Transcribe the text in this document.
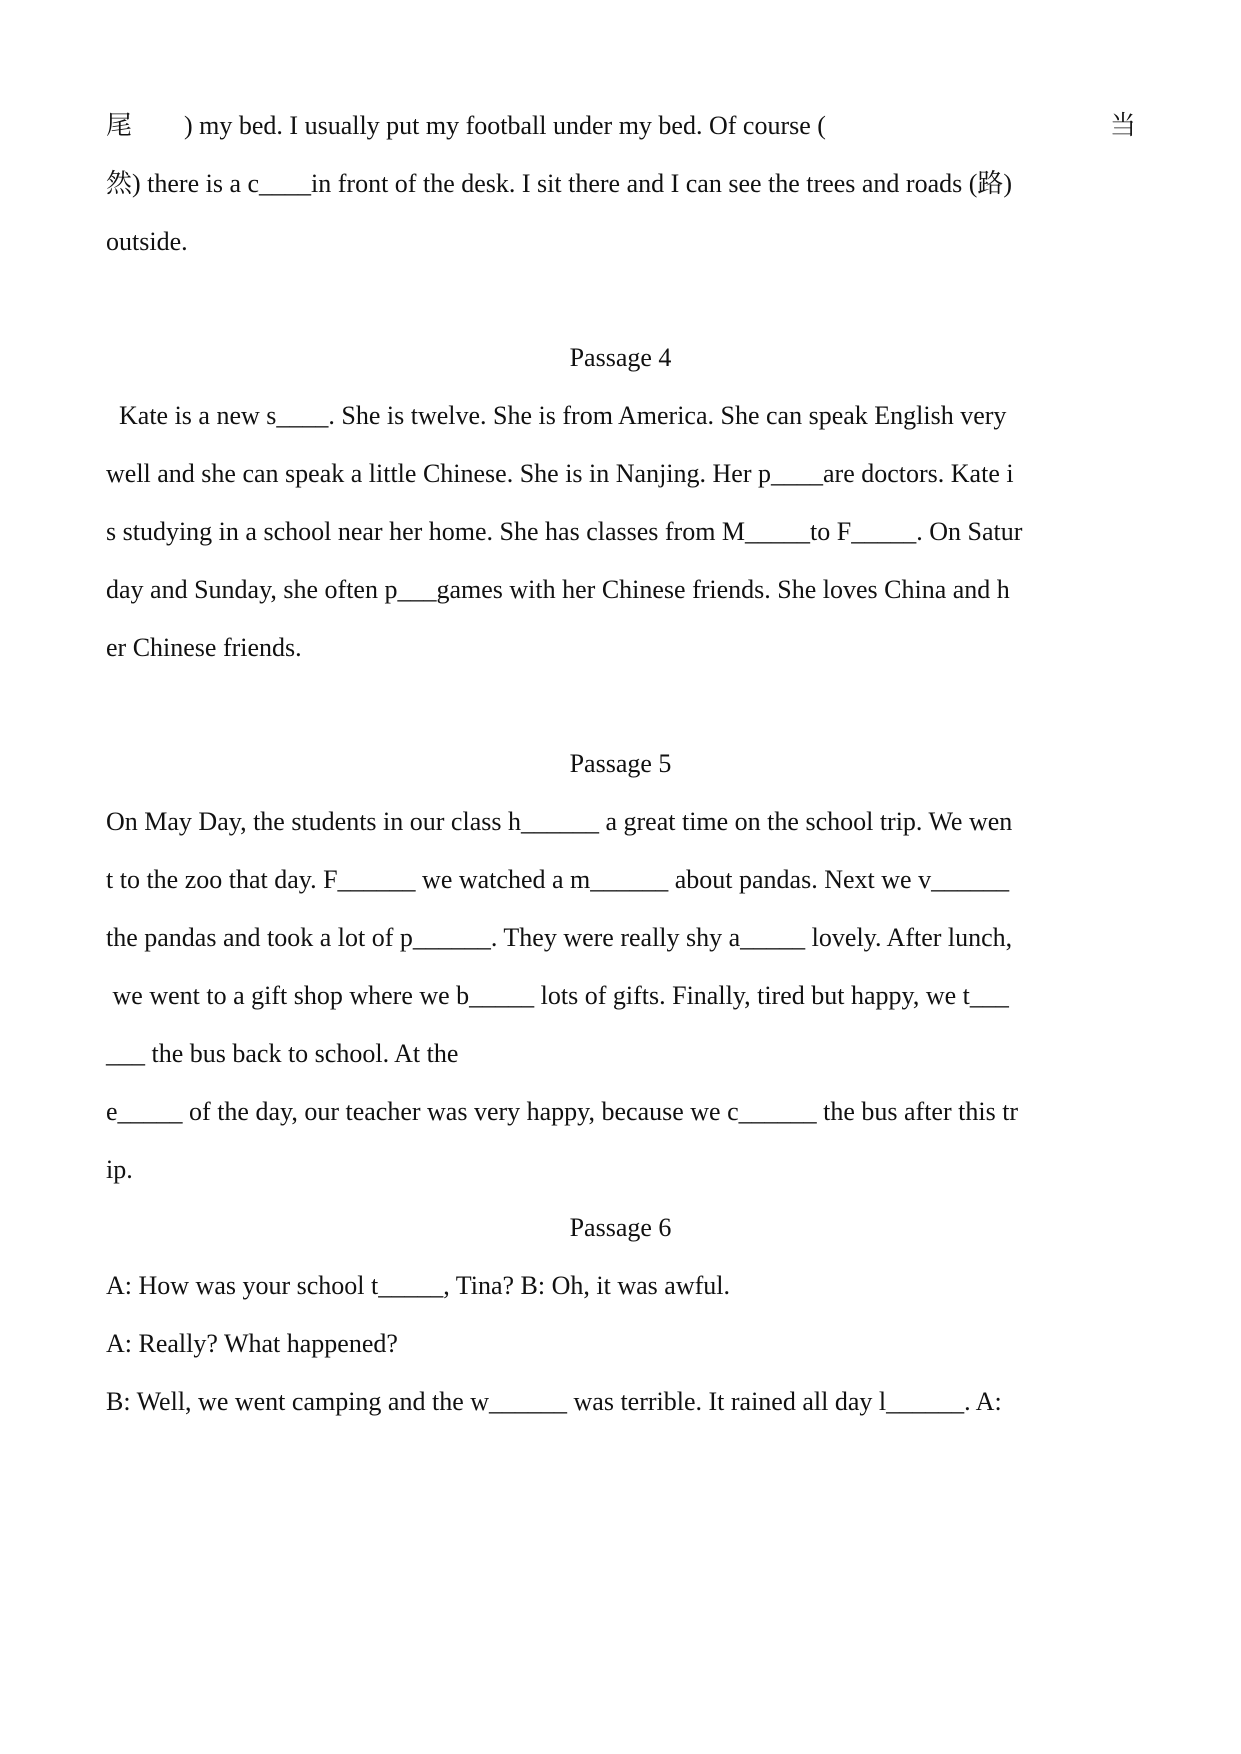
尾  ) my bed. I usually put my football under my bed. Of course (	当
然) there is a c____in front of the desk. I sit there and I can see the trees and roads (路)
outside.
Passage 4
Kate is a new s____. She is twelve. She is from America. She can speak English very
well and she can speak a little Chinese. She is in Nanjing. Her p____are doctors. Kate i
s studying in a school near her home. She has classes from M_____to F_____. On Satur
day and Sunday, she often p___games with her Chinese friends. She loves China and h
er Chinese friends.
Passage 5
On May Day, the students in our class h______ a great time on the school trip. We wen
t to the zoo that day. F______ we watched a m______ about pandas. Next we v______
the pandas and took a lot of p______. They were really shy a_____ lovely. After lunch,
we went to a gift shop where we b_____ lots of gifts. Finally, tired but happy, we t___
___ the bus back to school. At the
e_____ of the day, our teacher was very happy, because we c______ the bus after this tr
ip.
Passage 6
A: How was your school t_____, Tina? B: Oh, it was awful.
A: Really? What happened?
B: Well, we went camping and the w______ was terrible. It rained all day l______. A:
